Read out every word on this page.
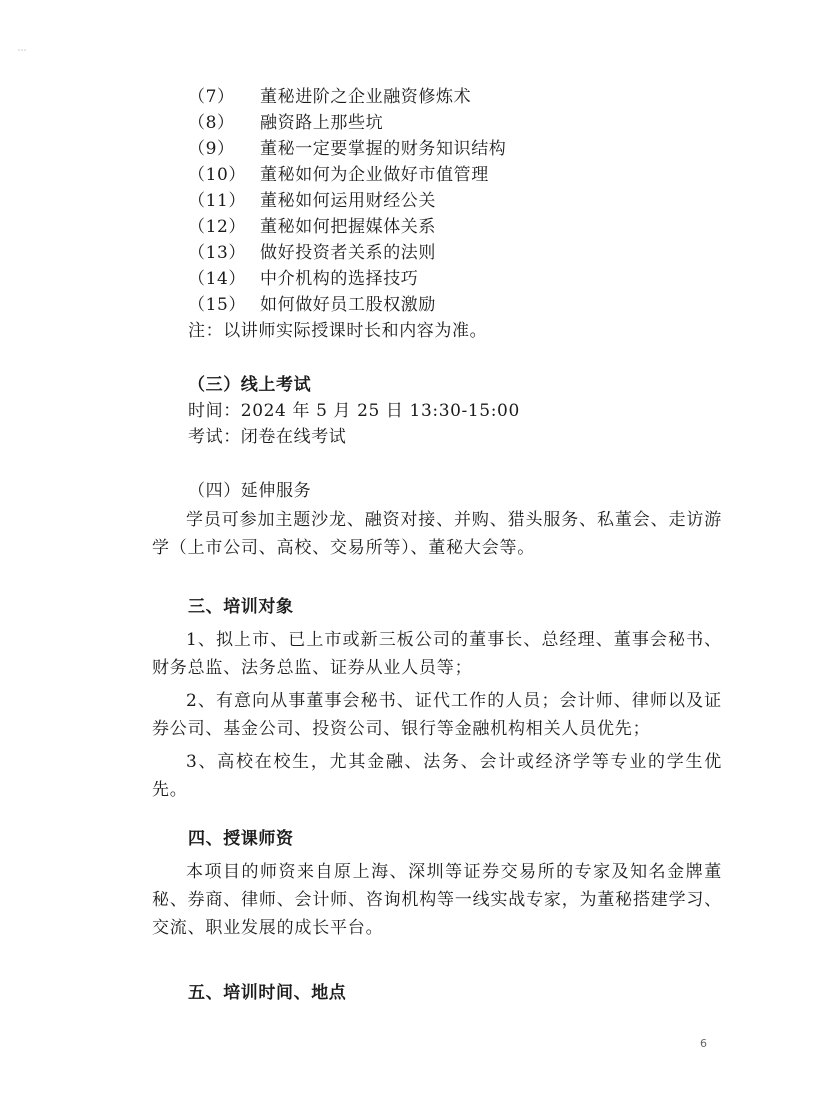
（7） 董秘进阶之企业融资修炼术
（8） 融资路上那些坑
（9） 董秘一定要掌握的财务知识结构
（10） 董秘如何为企业做好市值管理
（11） 董秘如何运用财经公关
（12） 董秘如何把握媒体关系
（13） 做好投资者关系的法则
（14） 中介机构的选择技巧
（15） 如何做好员工股权激励
注：以讲师实际授课时长和内容为准。
（三）线上考试
时间：2024 年 5 月 25 日 13:30-15:00
考试：闭卷在线考试
（四）延伸服务

学员可参加主题沙龙、融资对接、并购、猎头服务、私董会、走访游学（上市公司、高校、交易所等）、董秘大会等。

三、培训对象

1、拟上市、已上市或新三板公司的董事长、总经理、董事会秘书、财务总监、法务总监、证券从业人员等；

2、有意向从事董事会秘书、证代工作的人员；会计师、律师以及证券公司、基金公司、投资公司、银行等金融机构相关人员优先；

3、高校在校生，尤其金融、法务、会计或经济学等专业的学生优先。

四、授课师资

本项目的师资来自原上海、深圳等证券交易所的专家及知名金牌董秘、券商、律师、会计师、咨询机构等一线实战专家，为董秘搭建学习、交流、职业发展的成长平台。

五、培训时间、地点
6
